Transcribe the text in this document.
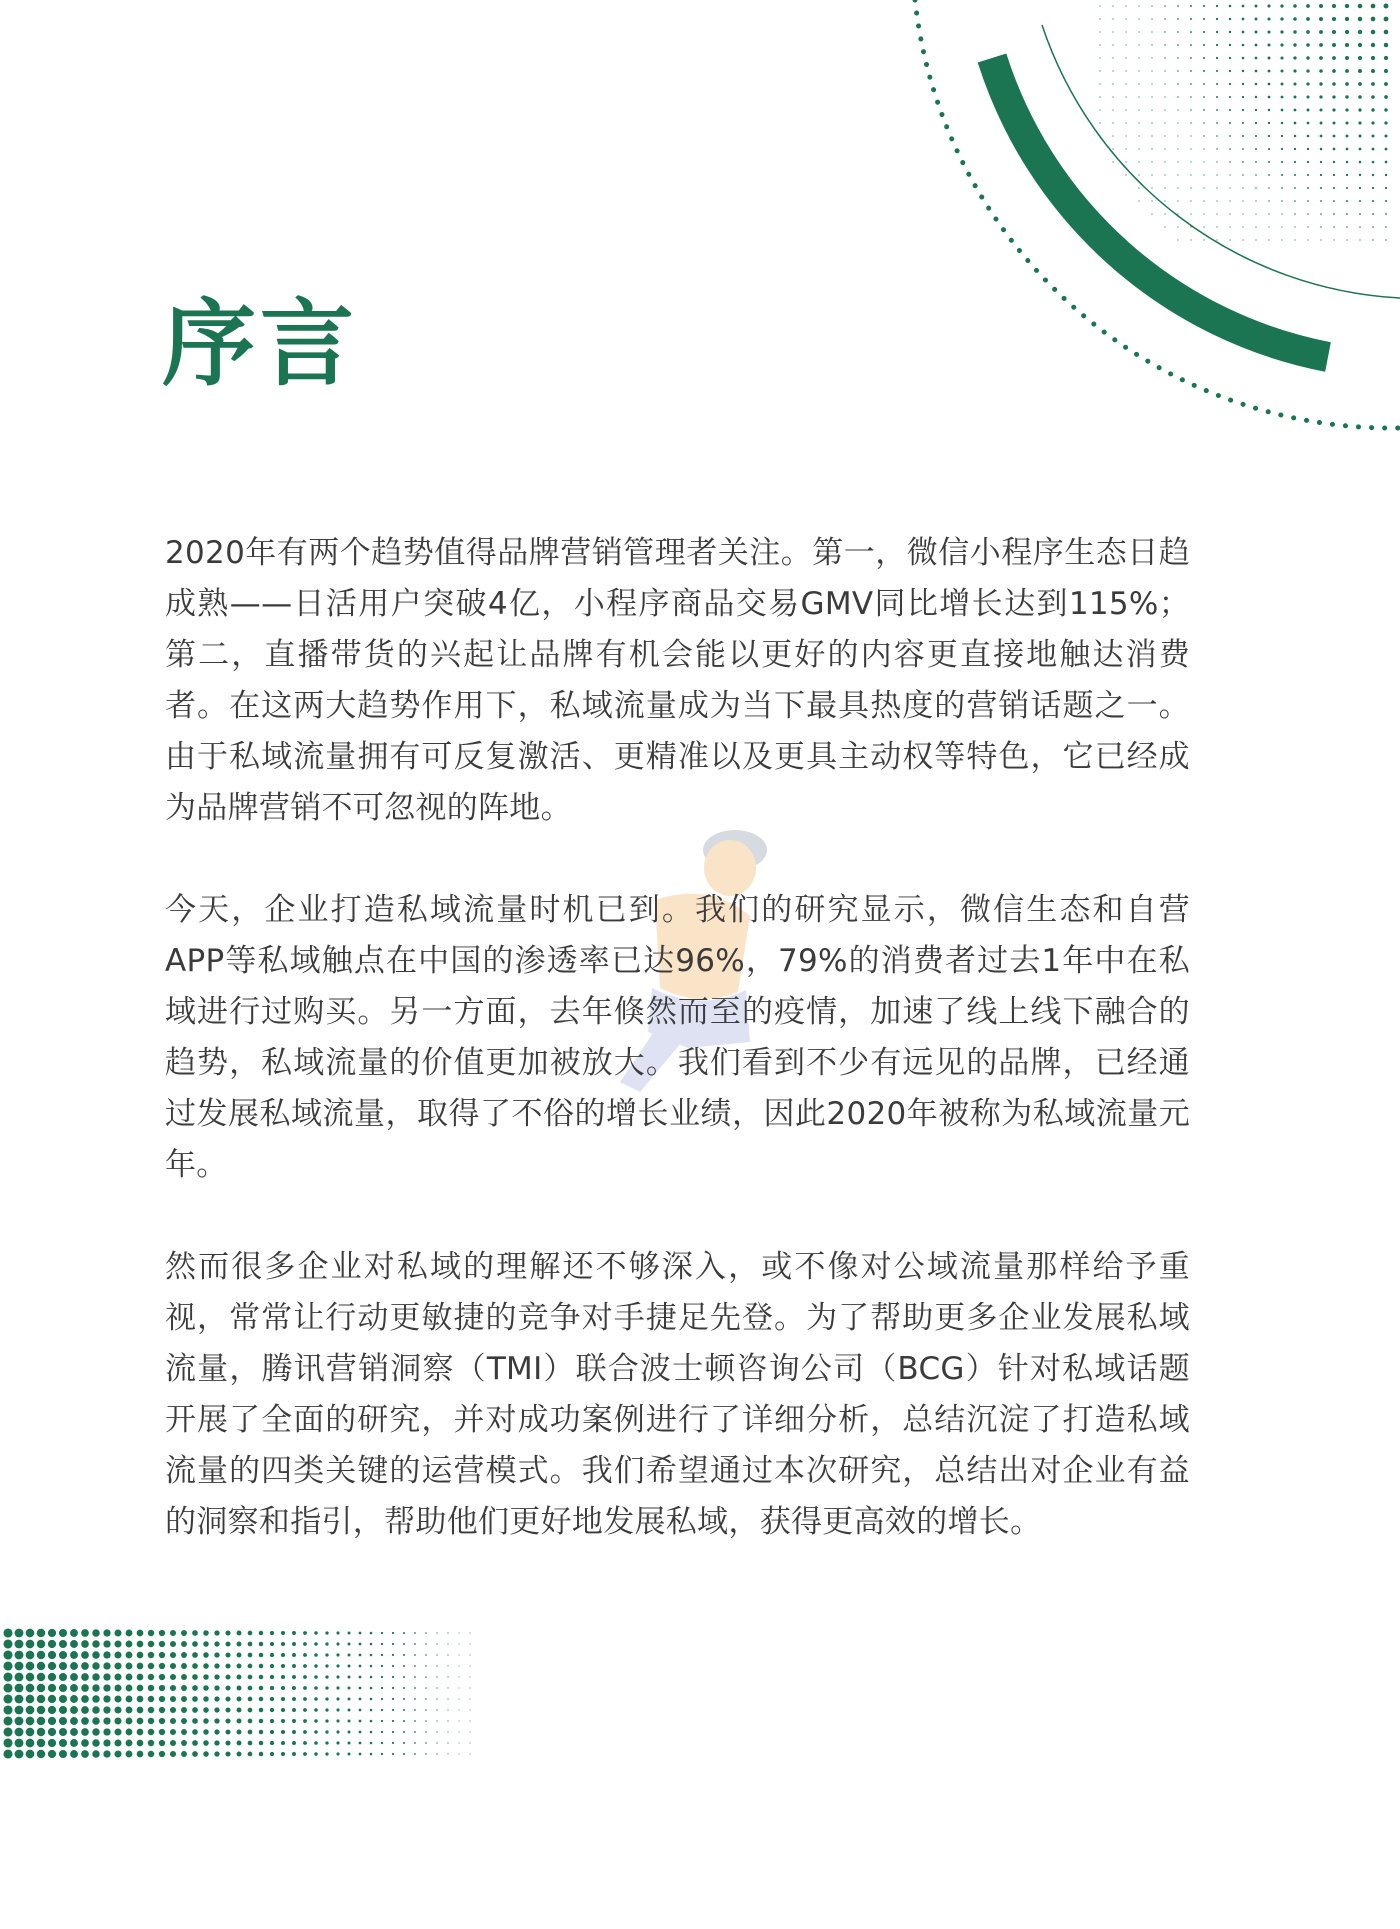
序言

2020年有两个趋势值得品牌营销管理者关注。第一，微信小程序生态日趋成熟——日活用户突破4亿，小程序商品交易GMV同比增长达到115%；第二，直播带货的兴起让品牌有机会能以更好的内容更直接地触达消费者。在这两大趋势作用下，私域流量成为当下最具热度的营销话题之一。由于私域流量拥有可反复激活、更精准以及更具主动权等特色，它已经成为品牌营销不可忽视的阵地。

今天，企业打造私域流量时机已到。我们的研究显示，微信生态和自营APP等私域触点在中国的渗透率已达96%，79%的消费者过去1年中在私域进行过购买。另一方面，去年倏然而至的疫情，加速了线上线下融合的趋势，私域流量的价值更加被放大。我们看到不少有远见的品牌，已经通过发展私域流量，取得了不俗的增长业绩，因此2020年被称为私域流量元年。

然而很多企业对私域的理解还不够深入，或不像对公域流量那样给予重视，常常让行动更敏捷的竞争对手捷足先登。为了帮助更多企业发展私域流量，腾讯营销洞察（TMI）联合波士顿咨询公司（BCG）针对私域话题开展了全面的研究，并对成功案例进行了详细分析，总结沉淀了打造私域流量的四类关键的运营模式。我们希望通过本次研究，总结出对企业有益的洞察和指引，帮助他们更好地发展私域，获得更高效的增长。
